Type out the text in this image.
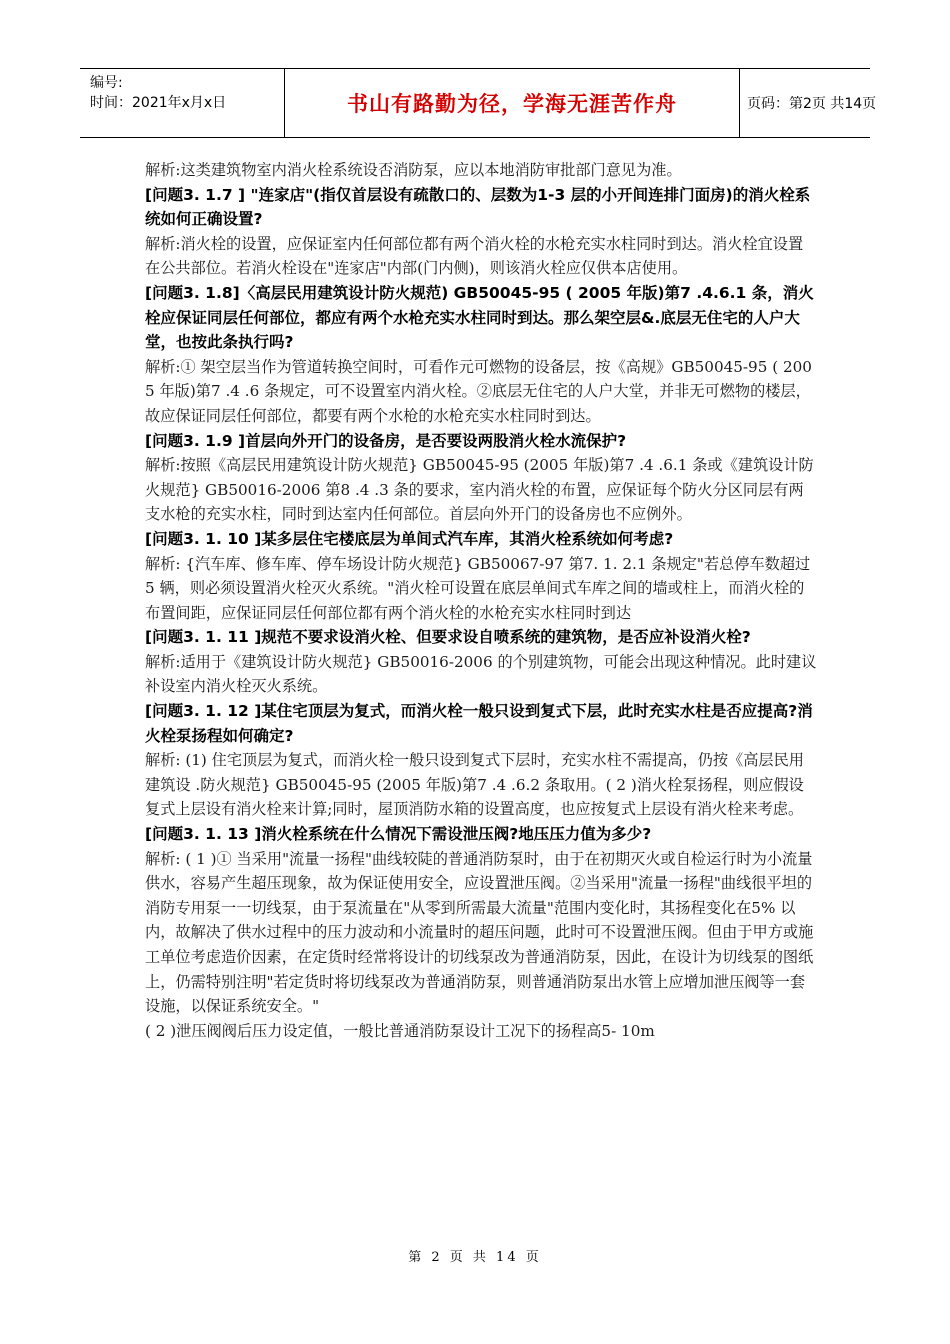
编号:
时间：2021年x月x日	书山有路勤为径，学海无涯苦作舟	页码：第2页 共14页

解析:这类建筑物室内消火栓系统设否消防泵，应以本地消防审批部门意见为准。

[问题3. 1.7 ] "连家店"(指仅首层设有疏散口的、层数为1-3 层的小开间连排门面房)的消火栓系统如何正确设置?

解析:消火栓的设置，应保证室内任何部位都有两个消火栓的水枪充实水柱同时到达。消火栓宜设置在公共部位。若消火栓设在"连家店"内部(门内侧)，则该消火栓应仅供本店使用。

[问题3. 1.8]〈高层民用建筑设计防火规范) GB50045-95 ( 2005 年版)第7 .4.6.1 条，消火栓应保证同层任何部位，都应有两个水枪充实水柱同时到达。那么架空层&.底层无住宅的人户大堂，也按此条执行吗?

解析:① 架空层当作为管道转换空间时，可看作元可燃物的设备层，按《高规》GB50045-95 ( 2005 年版)第7 .4 .6 条规定，可不设置室内消火栓。②底层无住宅的人户大堂，并非无可燃物的楼层，故应保证同层任何部位，都要有两个水枪的水枪充实水柱同时到达。

[问题3. 1.9 ]首层向外开门的设备房，是否要设两股消火栓水流保护?

解析:按照《高层民用建筑设计防火规范} GB50045-95 (2005 年版)第7 .4 .6.1 条或《建筑设计防火规范} GB50016-2006 第8 .4 .3 条的要求，室内消火栓的布置，应保证每个防火分区同层有两支水枪的充实水柱，同时到达室内任何部位。首层向外开门的设备房也不应例外。

[问题3. 1. 10 ]某多层住宅楼底层为单间式汽车库，其消火栓系统如何考虑?

解析: {汽车库、修车库、停车场设计防火规范} GB50067-97 第7. 1. 2.1 条规定"若总停车数超过5 辆，则必须设置消火栓灭火系统。"消火栓可设置在底层单间式车库之间的墙或柱上，而消火栓的布置间距，应保证同层任何部位都有两个消火栓的水枪充实水柱同时到达

[问题3. 1. 11 ]规范不要求设消火栓、但要求设自喷系统的建筑物，是否应补设消火栓?

解析:适用于《建筑设计防火规范} GB50016-2006 的个别建筑物，可能会出现这种情况。此时建议补设室内消火栓灭火系统。

[问题3. 1. 12 ]某住宅顶层为复式，而消火栓一般只设到复式下层，此时充实水柱是否应提高?消火栓泵扬程如何确定?

解析: (1) 住宅顶层为复式，而消火栓一般只设到复式下层时，充实水柱不需提高，仍按《高层民用建筑设 .防火规范} GB50045-95 (2005 年版)第7 .4 .6.2 条取用。( 2 )消火栓泵扬程，则应假设复式上层设有消火栓来计算;同时，屋顶消防水箱的设置高度，也应按复式上层设有消火栓来考虑。

[问题3. 1. 13 ]消火栓系统在什么情况下需设泄压阀?地压压力值为多少?

解析: ( 1 )① 当采用"流量一扬程"曲线较陡的普通消防泵时，由于在初期灭火或自检运行时为小流量供水，容易产生超压现象，故为保证使用安全，应设置泄压阀。②当采用"流量一扬程"曲线很平坦的消防专用泵一一切线泵，由于泵流量在"从零到所需最大流量"范围内变化时，其扬程变化在5% 以内，故解决了供水过程中的压力波动和小流量时的超压问题，此时可不设置泄压阀。但由于甲方或施工单位考虑造价因素，在定货时经常将设计的切线泵改为普通消防泵，因此，在设计为切线泵的图纸上，仍需特别注明"若定货时将切线泵改为普通消防泵，则普通消防泵出水管上应增加泄压阀等一套设施，以保证系统安全。"

( 2 )泄压阀阀后压力设定值，一般比普通消防泵设计工况下的扬程高5- 10m

第 2 页 共 14 页
